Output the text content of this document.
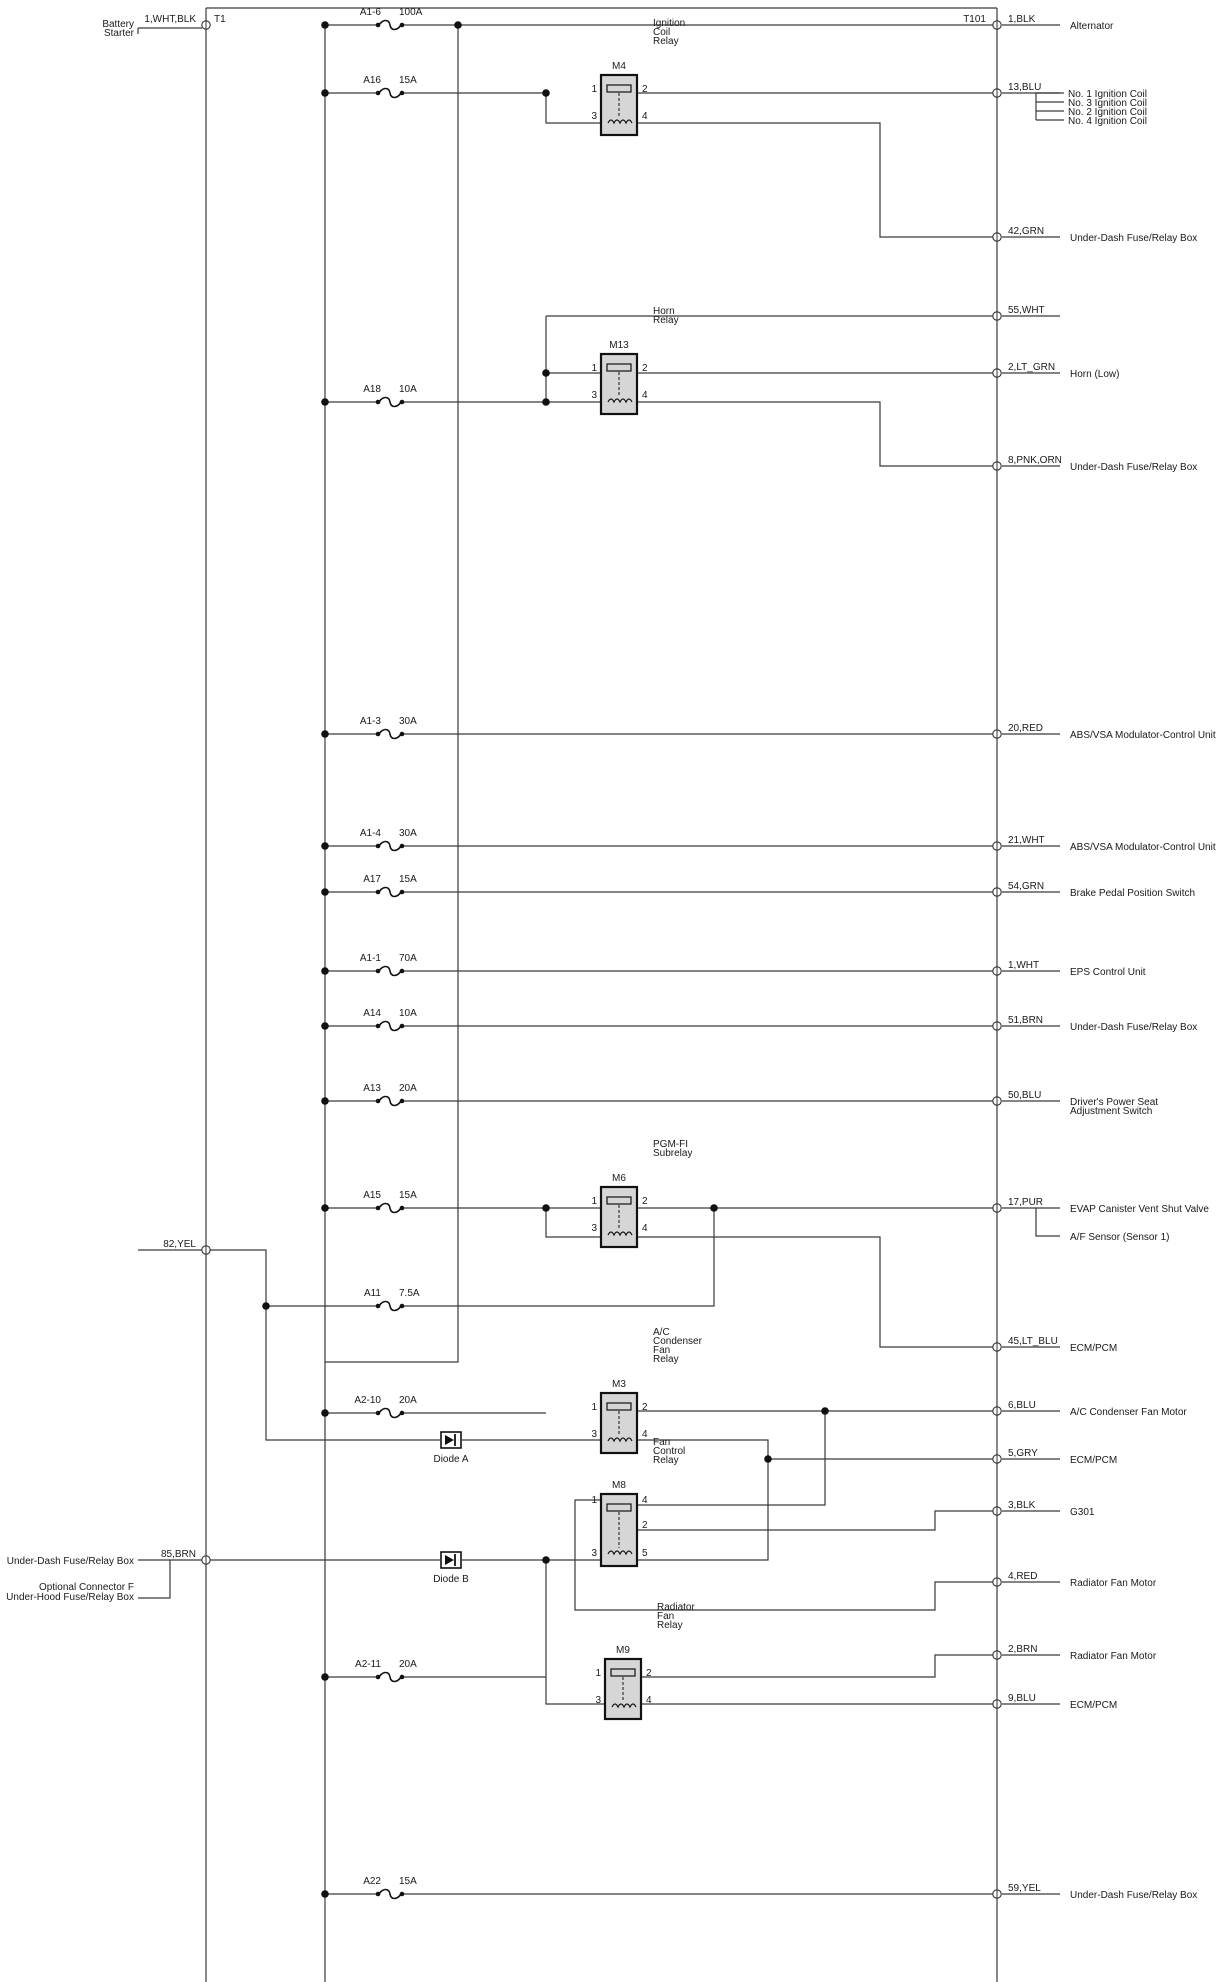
A1-6 100A
A16 15A
A18 10A
A1-3 30A
A1-4 30A
A17 15A
A1-1 70A
A14 10A
A13 20A
A15 15A
A2-10 20A
A2-11 20A
A22 15A
M4
Ignition
Coil
Relay
1	2
3	4
M13
Horn
Relay
1	2
3	4
M6
PGM-FI
Subrelay
1	2
3	4
M3
A/C
Condenser
Fan
Relay
1	2
3	4
M8
Fan
Control
Relay
1	4
2
3	5
M9
Radiator
Fan
Relay
1	2
3	4
A11 7.5A
Diode A
Diode B
1,WHT,BLK T1
Battery
Starter
82,YEL
85,BRN
Under-Dash Fuse/Relay Box
Optional Connector F
Under-Hood Fuse/Relay Box
T101 1,BLK
Alternator
13,BLU
No. 1 Ignition Coil
No. 3 Ignition Coil
No. 2 Ignition Coil
No. 4 Ignition Coil
42,GRN
Under-Dash Fuse/Relay Box
55,WHT
2,LT_GRN
Horn (Low)
8,PNK,ORN
Under-Dash Fuse/Relay Box
20,RED
ABS/VSA Modulator-Control Unit
21,WHT
ABS/VSA Modulator-Control Unit
54,GRN
Brake Pedal Position Switch
1,WHT
EPS Control Unit
51,BRN
Under-Dash Fuse/Relay Box
50,BLU
Driver's Power Seat
Adjustment Switch
17,PUR
EVAP Canister Vent Shut Valve
A/F Sensor (Sensor 1)
45,LT_BLU
ECM/PCM
6,BLU
A/C Condenser Fan Motor
5,GRY
ECM/PCM
3,BLK
G301
4,RED
Radiator Fan Motor
2,BRN
Radiator Fan Motor
9,BLU
ECM/PCM
59,YEL
Under-Dash Fuse/Relay Box
